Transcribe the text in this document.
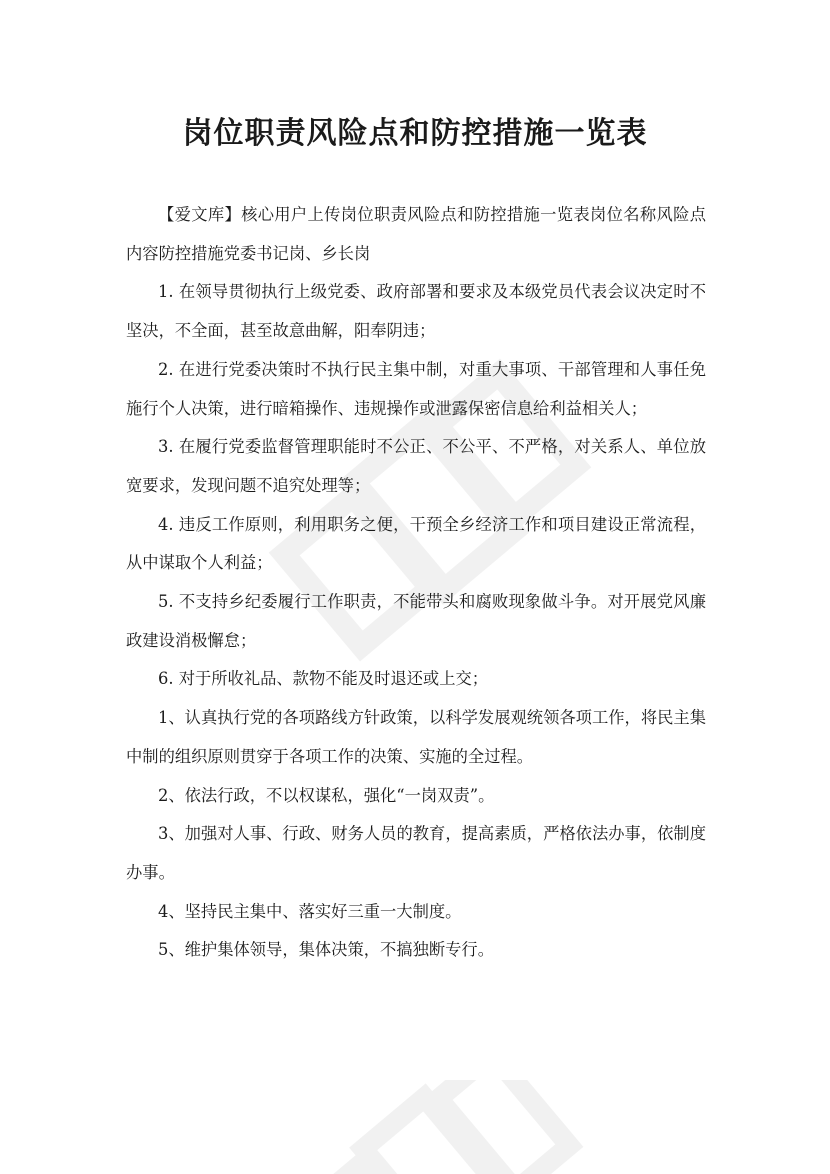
岗位职责风险点和防控措施一览表

【爱文库】核心用户上传岗位职责风险点和防控措施一览表岗位名称风险点内容防控措施党委书记岗、乡长岗

1. 在领导贯彻执行上级党委、政府部署和要求及本级党员代表会议决定时不坚决，不全面，甚至故意曲解，阳奉阴违；

2. 在进行党委决策时不执行民主集中制，对重大事项、干部管理和人事任免施行个人决策，进行暗箱操作、违规操作或泄露保密信息给利益相关人；

3. 在履行党委监督管理职能时不公正、不公平、不严格，对关系人、单位放宽要求，发现问题不追究处理等；

4. 违反工作原则，利用职务之便，干预全乡经济工作和项目建设正常流程，从中谋取个人利益；

5. 不支持乡纪委履行工作职责，不能带头和腐败现象做斗争。对开展党风廉政建设消极懈怠；

6. 对于所收礼品、款物不能及时退还或上交；

1、认真执行党的各项路线方针政策，以科学发展观统领各项工作，将民主集中制的组织原则贯穿于各项工作的决策、实施的全过程。

2、依法行政，不以权谋私，强化“一岗双责”。

3、加强对人事、行政、财务人员的教育，提高素质，严格依法办事，依制度办事。

4、坚持民主集中、落实好三重一大制度。

5、维护集体领导，集体决策，不搞独断专行。
